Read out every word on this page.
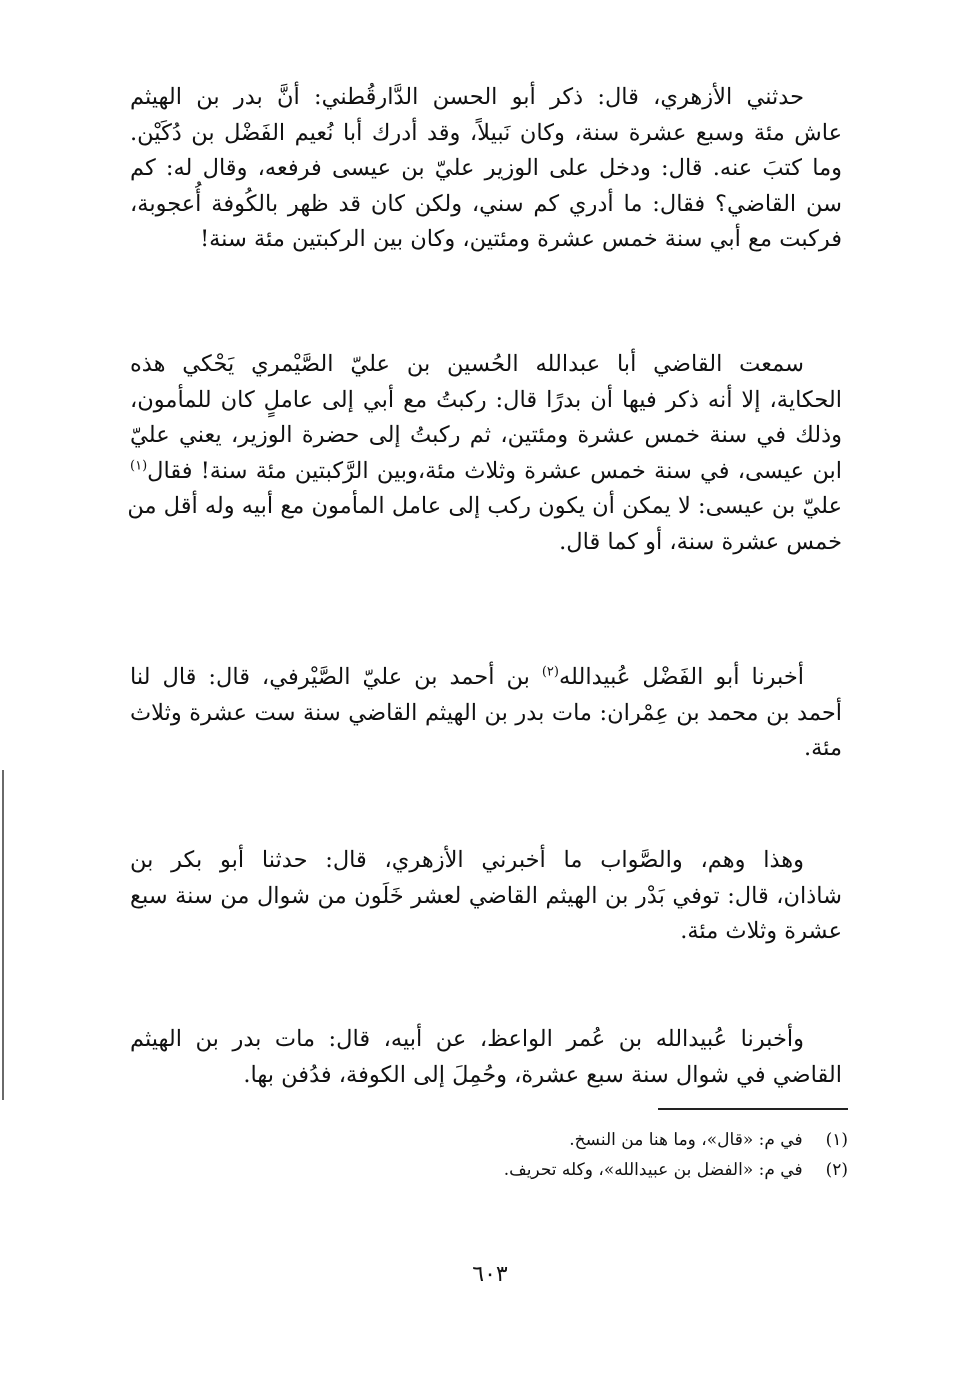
حدثني الأزهري، قال: ذكر أبو الحسن الدَّارقُطني: أنَّ بدر بن الهيثم
عاش مئة وسبع عشرة سنة، وكان نَبيلاً، وقد أدرك أبا نُعيم الفَضْل بن دُكَيْن.
وما كتبَ عنه. قال: ودخل على الوزير عليّ بن عيسى فرفعه، وقال له: كم
سن القاضي؟ فقال: ما أدري كم سني، ولكن كان قد ظهر بالكُوفة أُعجوبة،
فركبت مع أبي سنة خمس عشرة ومئتين، وكان بين الركبتين مئة سنة!
سمعت القاضي أبا عبدالله الحُسين بن عليّ الصَّيْمري يَحْكي هذه
الحكاية، إلا أنه ذكر فيها أن بدرًا قال: ركبتُ مع أبي إلى عاملٍ كان للمأمون،
وذلك في سنة خمس عشرة ومئتين، ثم ركبتُ إلى حضرة الوزير، يعني عليّ
ابن عيسى، في سنة خمس عشرة وثلاث مئة،وبين الرَّكبتين مئة سنة! فقال$^{(١)}$
عليّ بن عيسى: لا يمكن أن يكون ركب إلى عامل المأمون مع أبيه وله أقل من
خمس عشرة سنة، أو كما قال.
أخبرنا أبو الفَضْل عُبيدالله$^{(٢)}$ بن أحمد بن عليّ الصَّيْرفي، قال: قال لنا
أحمد بن محمد بن عِمْران: مات بدر بن الهيثم القاضي سنة ست عشرة وثلاث
مئة.
وهذا وهم، والصَّواب ما أخبرني الأزهري، قال: حدثنا أبو بكر بن
شاذان، قال: توفي بَدْر بن الهيثم القاضي لعشر خَلَون من شوال من سنة سبع
عشرة وثلاث مئة.
وأخبرنا عُبيدالله بن عُمر الواعظ، عن أبيه، قال: مات بدر بن الهيثم
القاضي في شوال سنة سبع عشرة، وحُمِلَ إلى الكوفة، فدُفن بها.
(١) في م: «قال»، وما هنا من النسخ.
(٢) في م: «الفضل بن عبيدالله»، وكله تحريف.
٦٠٣
